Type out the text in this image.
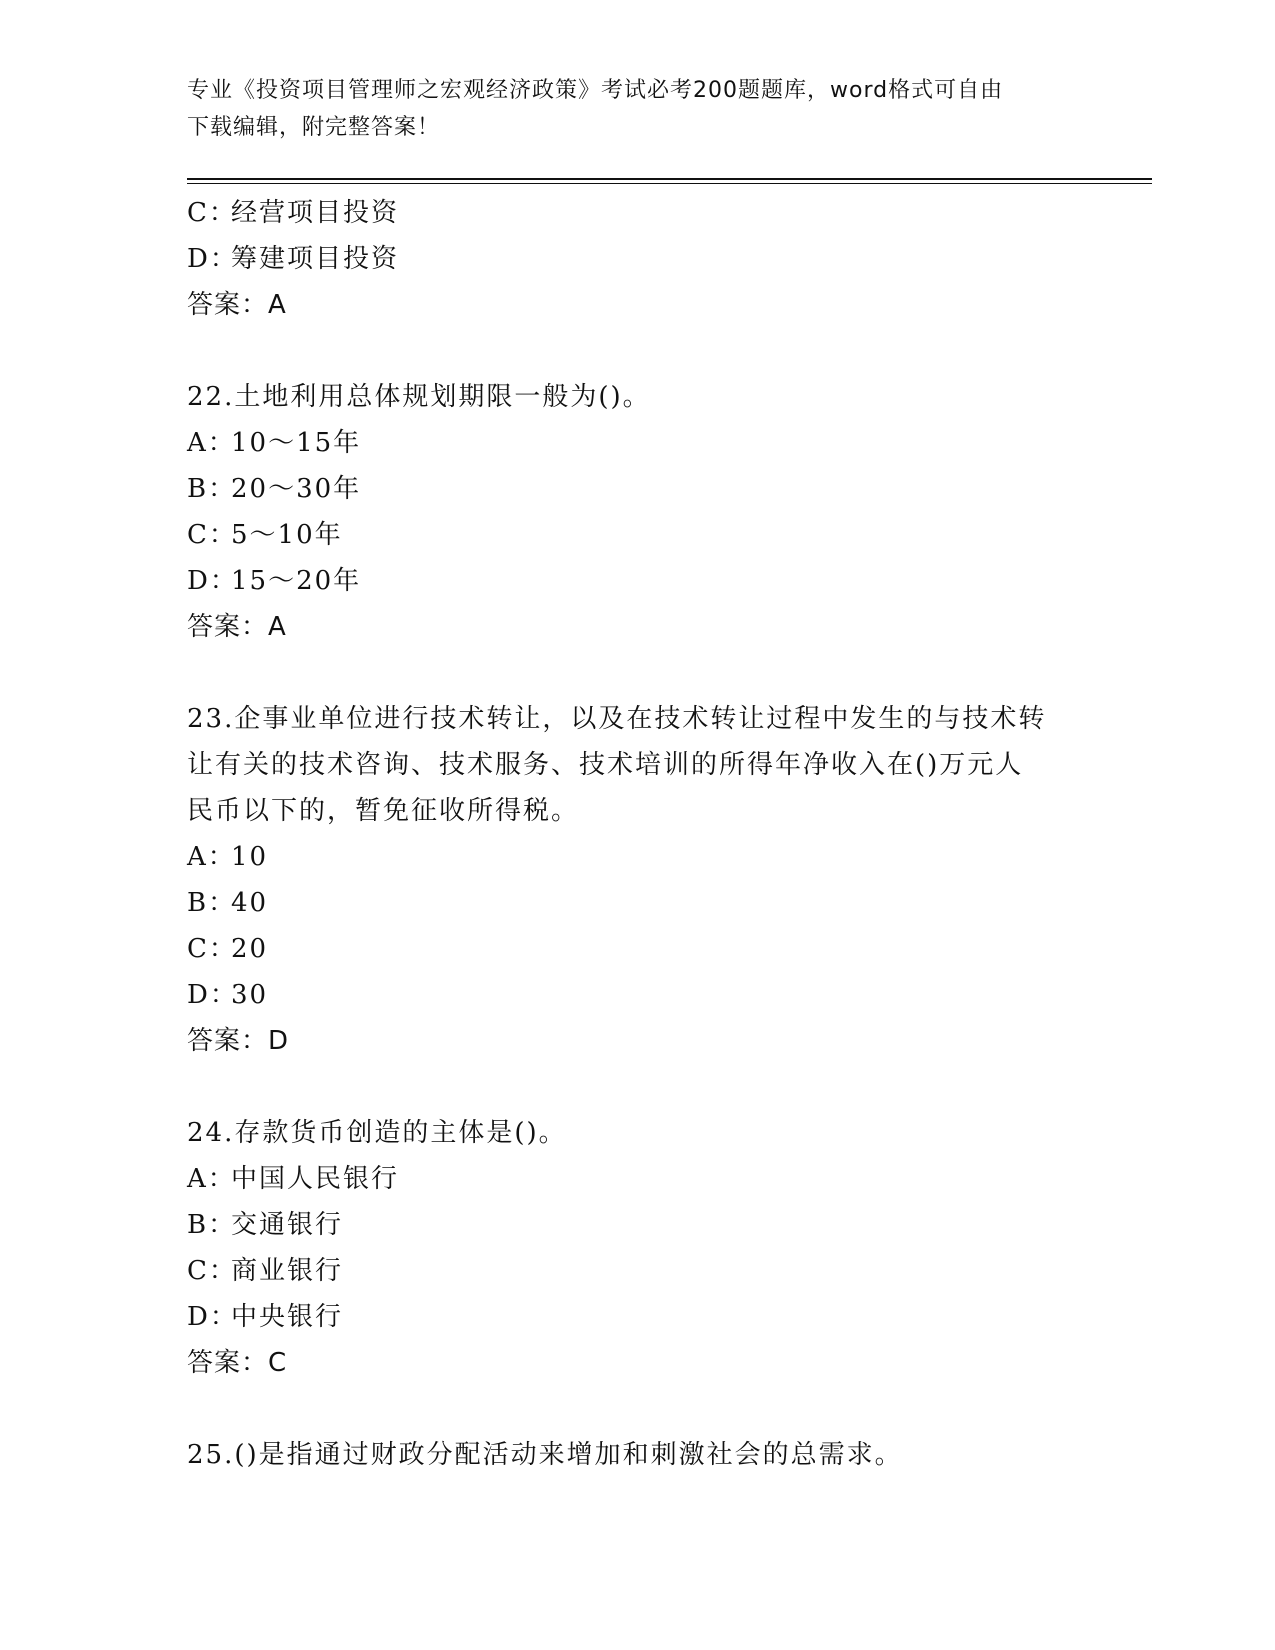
专业《投资项目管理师之宏观经济政策》考试必考200题题库，word格式可自由
下载编辑，附完整答案！
C：经营项目投资
D：筹建项目投资
答案：A
22.土地利用总体规划期限一般为()。
A：10～15年
B：20～30年
C：5～10年
D：15～20年
答案：A
23.企事业单位进行技术转让，以及在技术转让过程中发生的与技术转
让有关的技术咨询、技术服务、技术培训的所得年净收入在()万元人
民币以下的，暂免征收所得税。
A：10
B：40
C：20
D：30
答案：D
24.存款货币创造的主体是()。
A：中国人民银行
B：交通银行
C：商业银行
D：中央银行
答案：C
25.()是指通过财政分配活动来增加和刺激社会的总需求。
